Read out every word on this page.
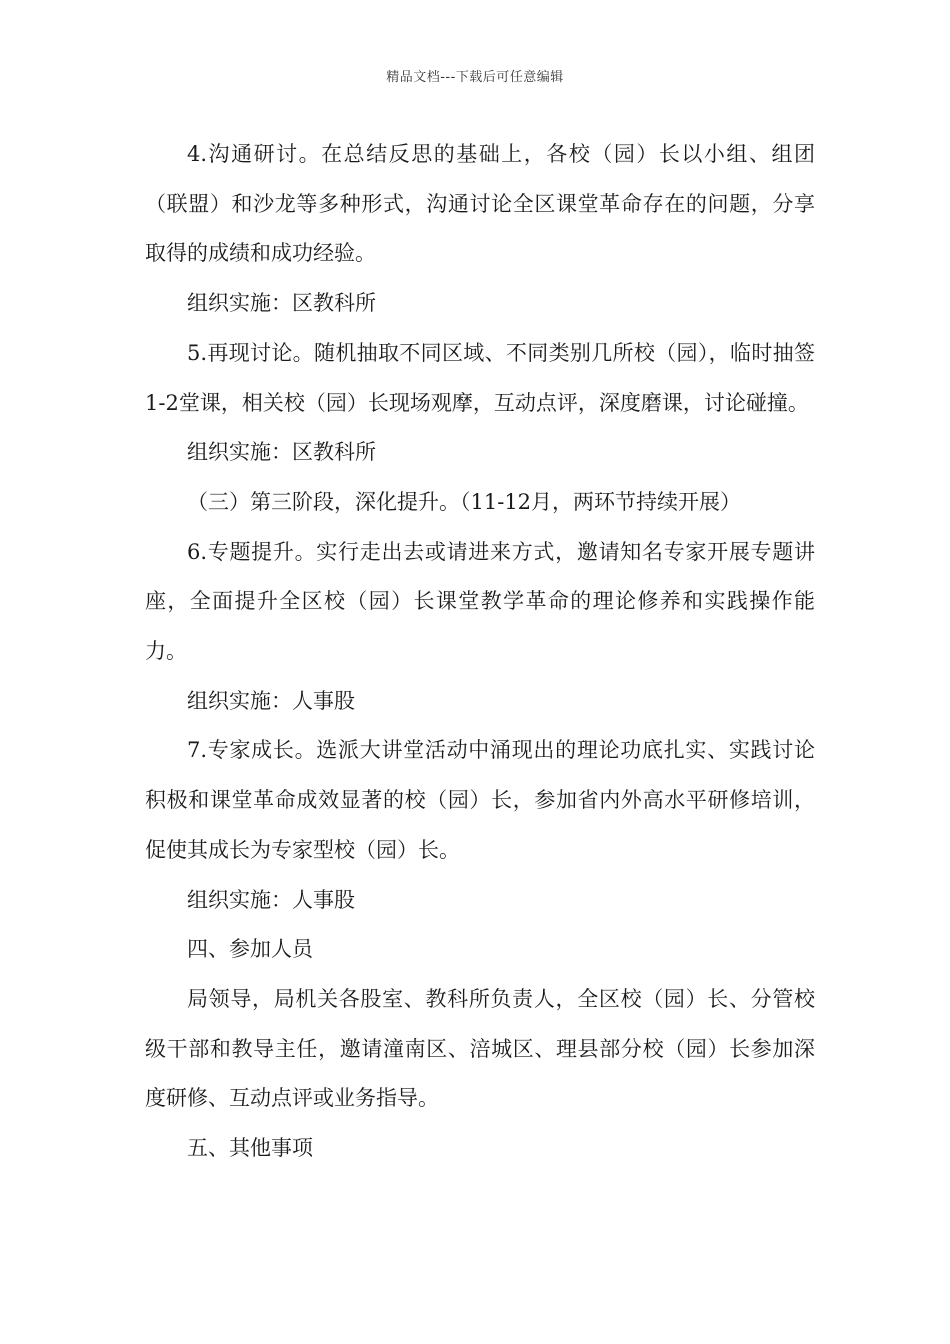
精品文档---下载后可任意编辑

4.沟通研讨。在总结反思的基础上，各校（园）长以小组、组团（联盟）和沙龙等多种形式，沟通讨论全区课堂革命存在的问题，分享取得的成绩和成功经验。

组织实施：区教科所

5.再现讨论。随机抽取不同区域、不同类别几所校（园），临时抽签1-2堂课，相关校（园）长现场观摩，互动点评，深度磨课，讨论碰撞。

组织实施：区教科所

（三）第三阶段，深化提升。（11-12月，两环节持续开展）

6.专题提升。实行走出去或请进来方式，邀请知名专家开展专题讲座，全面提升全区校（园）长课堂教学革命的理论修养和实践操作能力。

组织实施：人事股

7.专家成长。选派大讲堂活动中涌现出的理论功底扎实、实践讨论积极和课堂革命成效显著的校（园）长，参加省内外高水平研修培训，促使其成长为专家型校（园）长。

组织实施：人事股

四、参加人员

局领导，局机关各股室、教科所负责人，全区校（园）长、分管校级干部和教导主任，邀请潼南区、涪城区、理县部分校（园）长参加深度研修、互动点评或业务指导。

五、其他事项
